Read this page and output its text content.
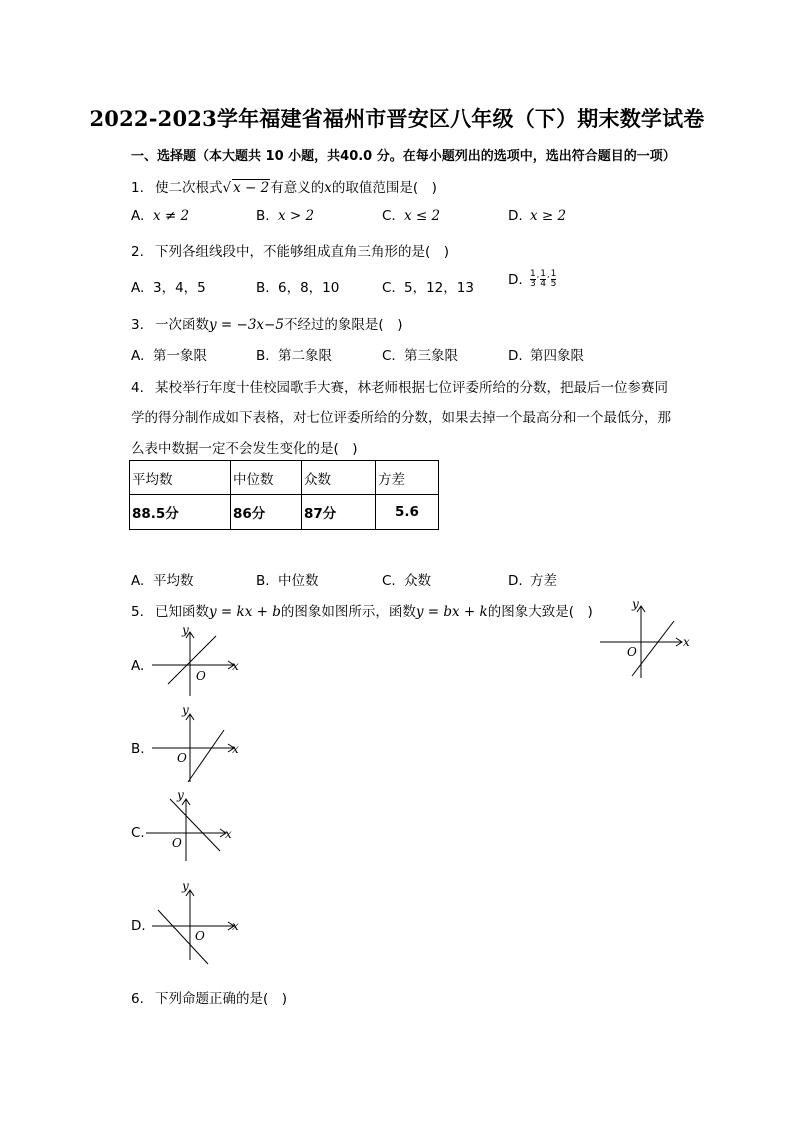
2022-2023学年福建省福州市晋安区八年级（下）期末数学试卷
一、选择题（本大题共 10 小题，共40.0 分。在每小题列出的选项中，选出符合题目的一项）
1. 使二次根式√ x − 2有意义的x的取值范围是(　)
A. x ≠ 2	B. x > 2	C. x ≤ 2	D. x ≥ 2
2. 下列各组线段中，不能够组成直角三角形的是(　)
A. 3，4，5	B. 6，8，10	C. 5，12，13
D. 1
3
, 1
4
, 1
5
3. 一次函数y = −3x−5不经过的象限是(　)
A. 第一象限	B. 第二象限	C. 第三象限	D. 第四象限
4. 某校举行年度十佳校园歌手大赛，林老师根据七位评委所给的分数，把最后一位参赛同
学的得分制作成如下表格，对七位评委所给的分数，如果去掉一个最高分和一个最低分，那
么表中数据一定不会发生变化的是(　)
平均数	中位数	众数	方差
88.5分	86分	87分	5.6
A. 平均数	B. 中位数	C. 众数	D. 方差
5. 已知函数y = kx + b的图象如图所示，函数y = bx + k的图象大致是(　)
x
y
O
A.	x
y
O
B.	x
y
O
C.	x
y
O
D.	x
y
O
6. 下列命题正确的是(　)
